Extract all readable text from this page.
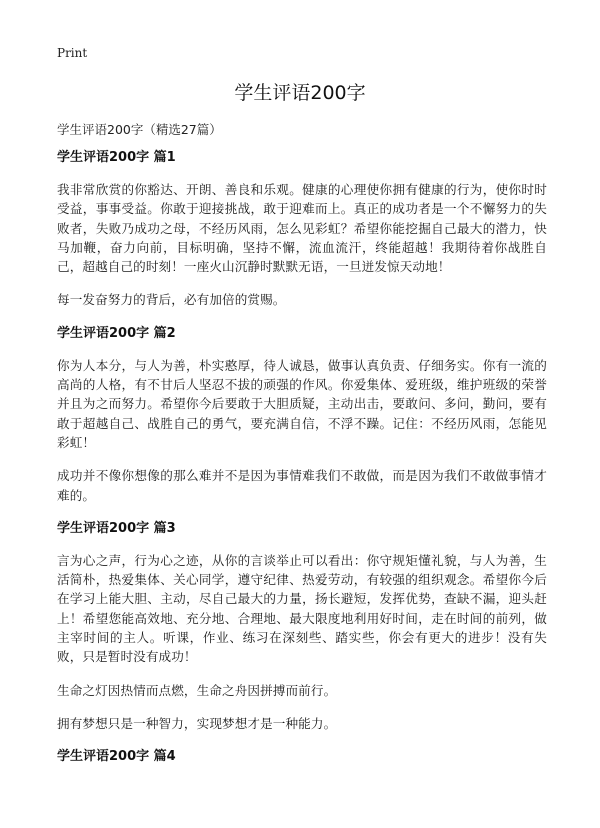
Print
学生评语200字
学生评语200字（精选27篇）
学生评语200字 篇1

我非常欣赏的你豁达、开朗、善良和乐观。健康的心理使你拥有健康的行为，使你时时受益，事事受益。你敢于迎接挑战，敢于迎难而上。真正的成功者是一个不懈努力的失败者，失败乃成功之母，不经历风雨，怎么见彩虹？希望你能挖掘自己最大的潜力，快马加鞭，奋力向前，目标明确，坚持不懈，流血流汗，终能超越！我期待着你战胜自己，超越自己的时刻！一座火山沉静时默默无语，一旦迸发惊天动地！

每一发奋努力的背后，必有加倍的赏赐。

学生评语200字 篇2

你为人本分，与人为善，朴实憨厚，待人诚恳，做事认真负责、仔细务实。你有一流的高尚的人格，有不甘后人坚忍不拔的顽强的作风。你爱集体、爱班级，维护班级的荣誉并且为之而努力。希望你今后要敢于大胆质疑，主动出击，要敢问、多问，勤问，要有敢于超越自己、战胜自己的勇气，要充满自信，不浮不躁。记住：不经历风雨，怎能见彩虹！

成功并不像你想像的那么难并不是因为事情难我们不敢做，而是因为我们不敢做事情才难的。

学生评语200字 篇3

言为心之声，行为心之迹，从你的言谈举止可以看出：你守规矩懂礼貌，与人为善，生活简朴，热爱集体、关心同学，遵守纪律、热爱劳动，有较强的组织观念。希望你今后在学习上能大胆、主动，尽自己最大的力量，扬长避短，发挥优势，查缺不漏，迎头赶上！希望您能高效地、充分地、合理地、最大限度地利用好时间，走在时间的前列，做主宰时间的主人。听课，作业、练习在深刻些、踏实些，你会有更大的进步！没有失败，只是暂时没有成功！

生命之灯因热情而点燃，生命之舟因拼搏而前行。

拥有梦想只是一种智力，实现梦想才是一种能力。

学生评语200字 篇4
